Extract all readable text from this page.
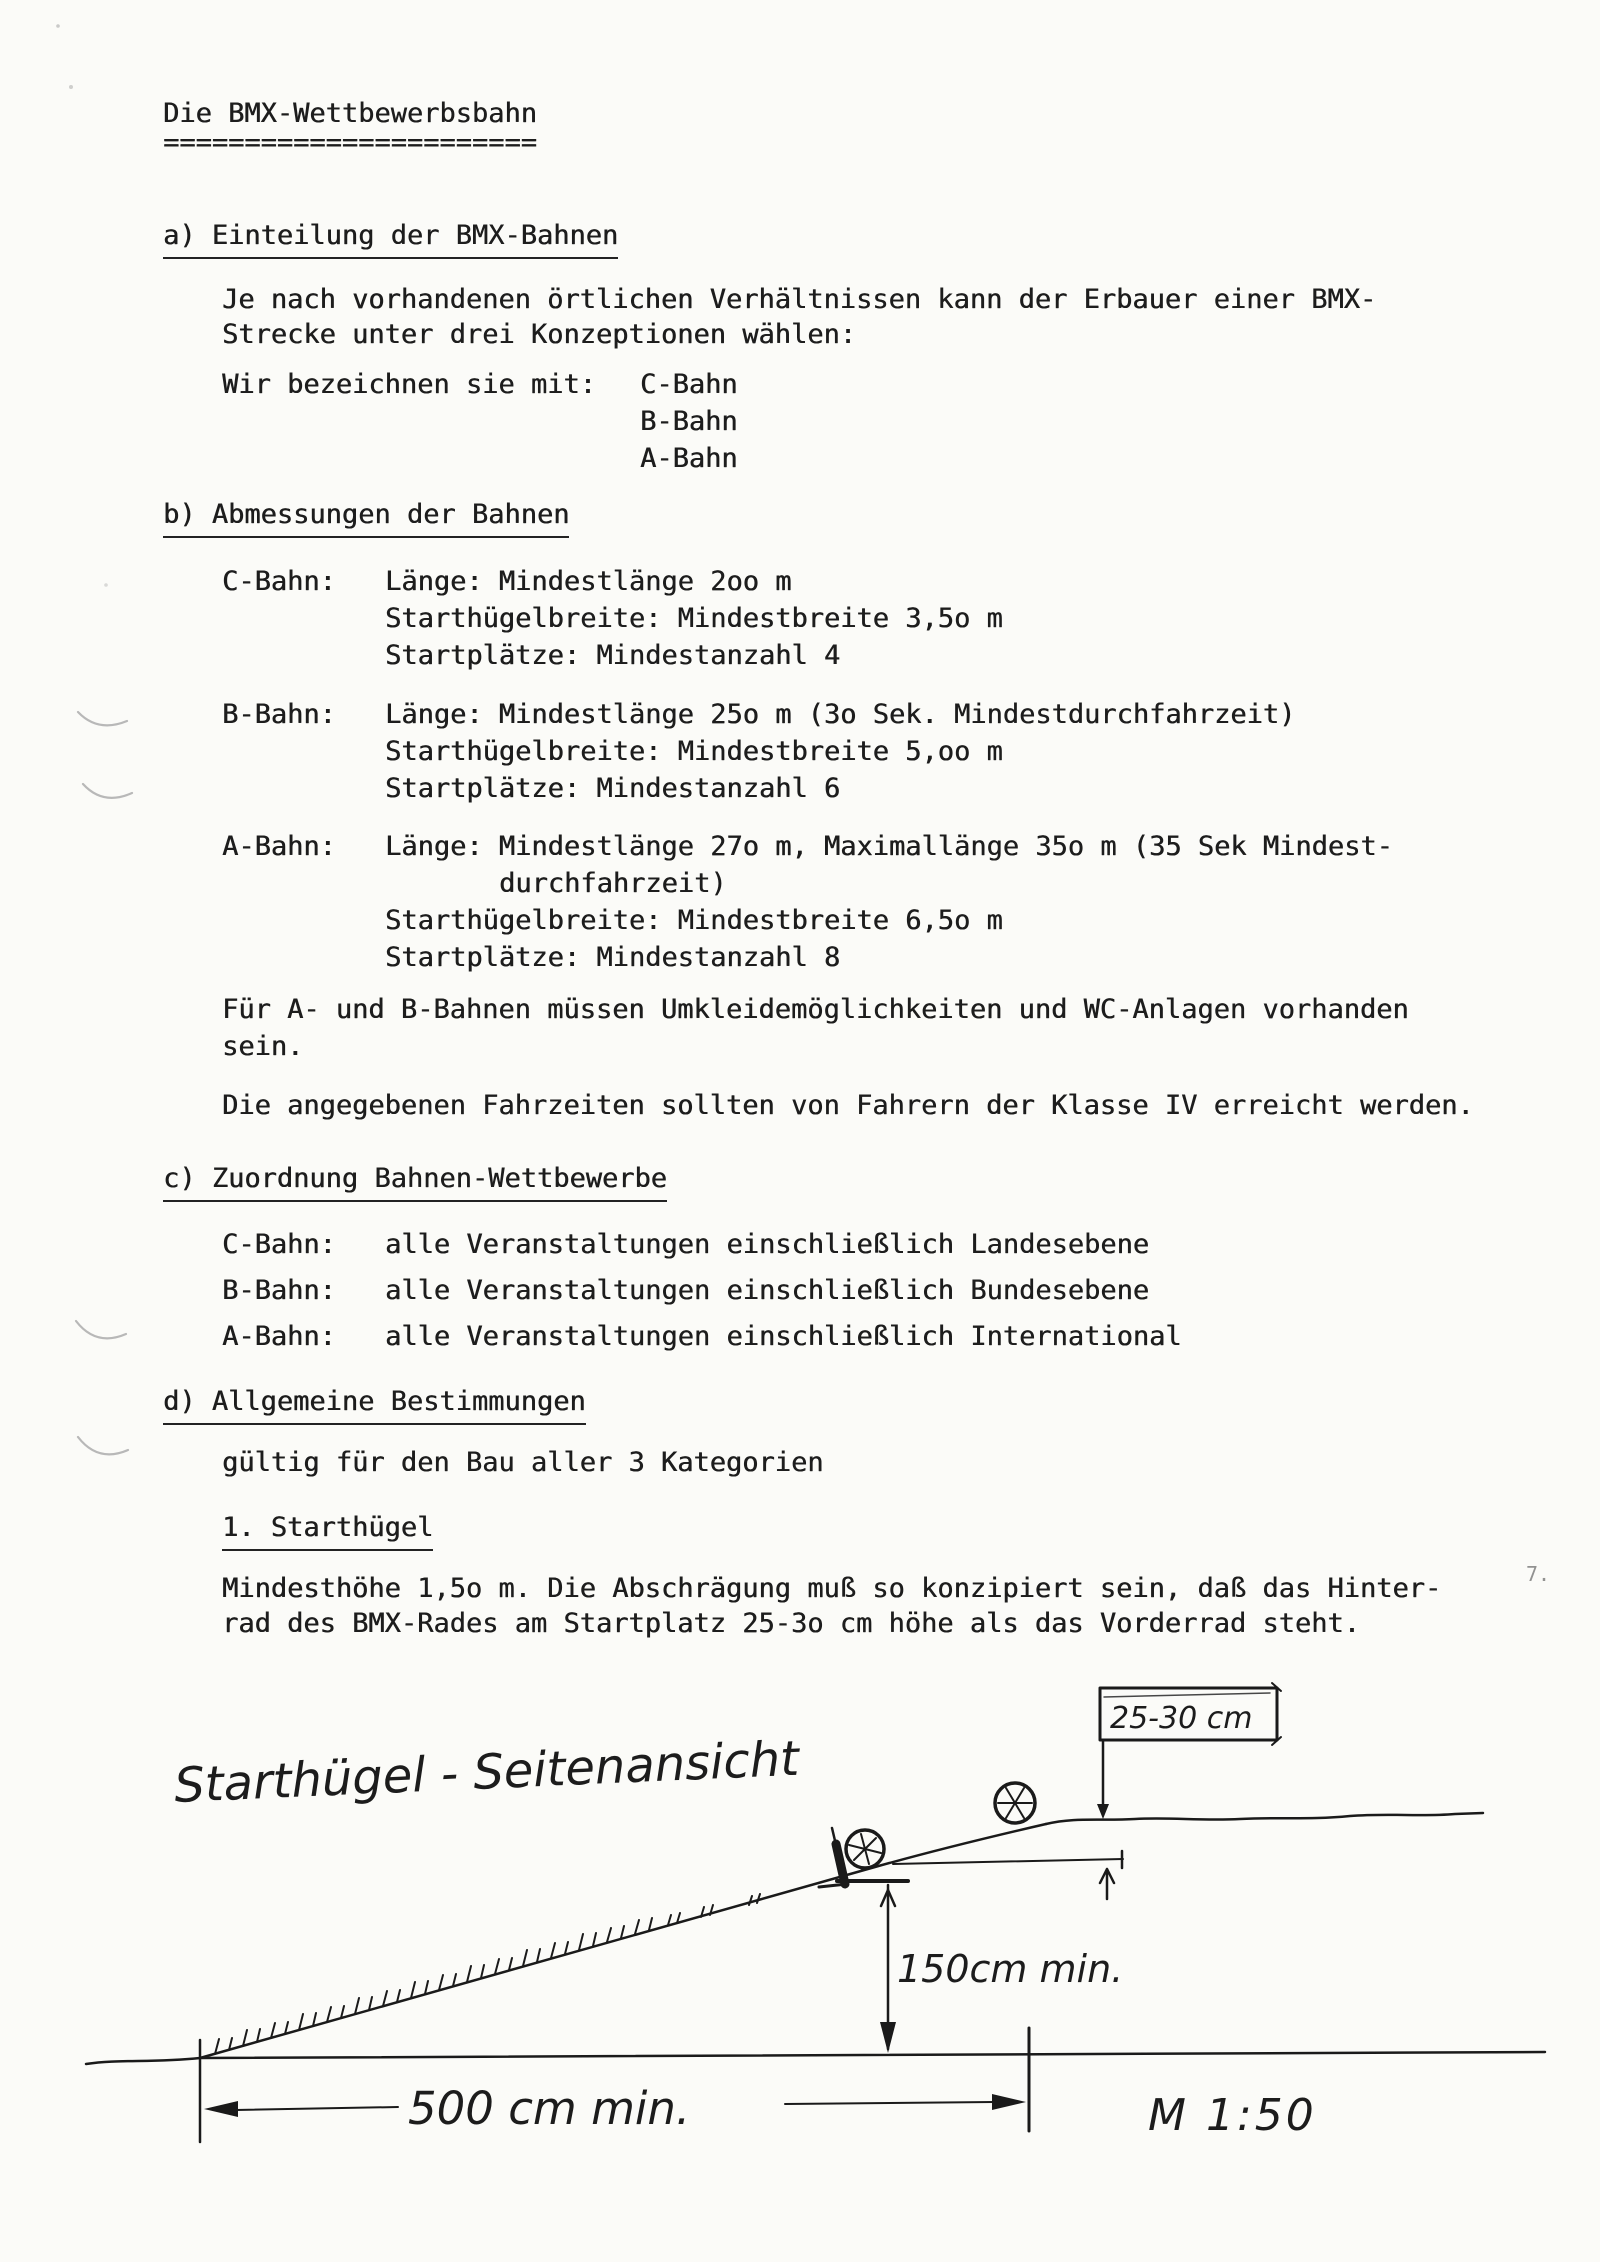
Starthügel - Seitenansicht
25-30 cm
150cm min.
500 cm min.	M 1:50
Die BMX-Wettbewerbsbahn
=======================
a) Einteilung der BMX-Bahnen
Je nach vorhandenen örtlichen Verhältnissen kann der Erbauer einer BMX-
Strecke unter drei Konzeptionen wählen:
Wir bezeichnen sie mit: C-Bahn
B-Bahn
A-Bahn
b) Abmessungen der Bahnen
C-Bahn: Länge: Mindestlänge 2oo m
Starthügelbreite: Mindestbreite 3,5o m
Startplätze: Mindestanzahl 4
B-Bahn: Länge: Mindestlänge 25o m (3o Sek. Mindestdurchfahrzeit)
Starthügelbreite: Mindestbreite 5,oo m
Startplätze: Mindestanzahl 6
A-Bahn: Länge: Mindestlänge 27o m, Maximallänge 35o m (35 Sek Mindest-
durchfahrzeit)
Starthügelbreite: Mindestbreite 6,5o m
Startplätze: Mindestanzahl 8
Für A- und B-Bahnen müssen Umkleidemöglichkeiten und WC-Anlagen vorhanden
sein.
Die angegebenen Fahrzeiten sollten von Fahrern der Klasse IV erreicht werden.
c) Zuordnung Bahnen-Wettbewerbe
C-Bahn: alle Veranstaltungen einschließlich Landesebene
B-Bahn: alle Veranstaltungen einschließlich Bundesebene
A-Bahn: alle Veranstaltungen einschließlich International
d) Allgemeine Bestimmungen
gültig für den Bau aller 3 Kategorien
1. Starthügel
Mindesthöhe 1,5o m. Die Abschrägung muß so konzipiert sein, daß das Hinter-
rad des BMX-Rades am Startplatz 25-3o cm höhe als das Vorderrad steht.
7.
